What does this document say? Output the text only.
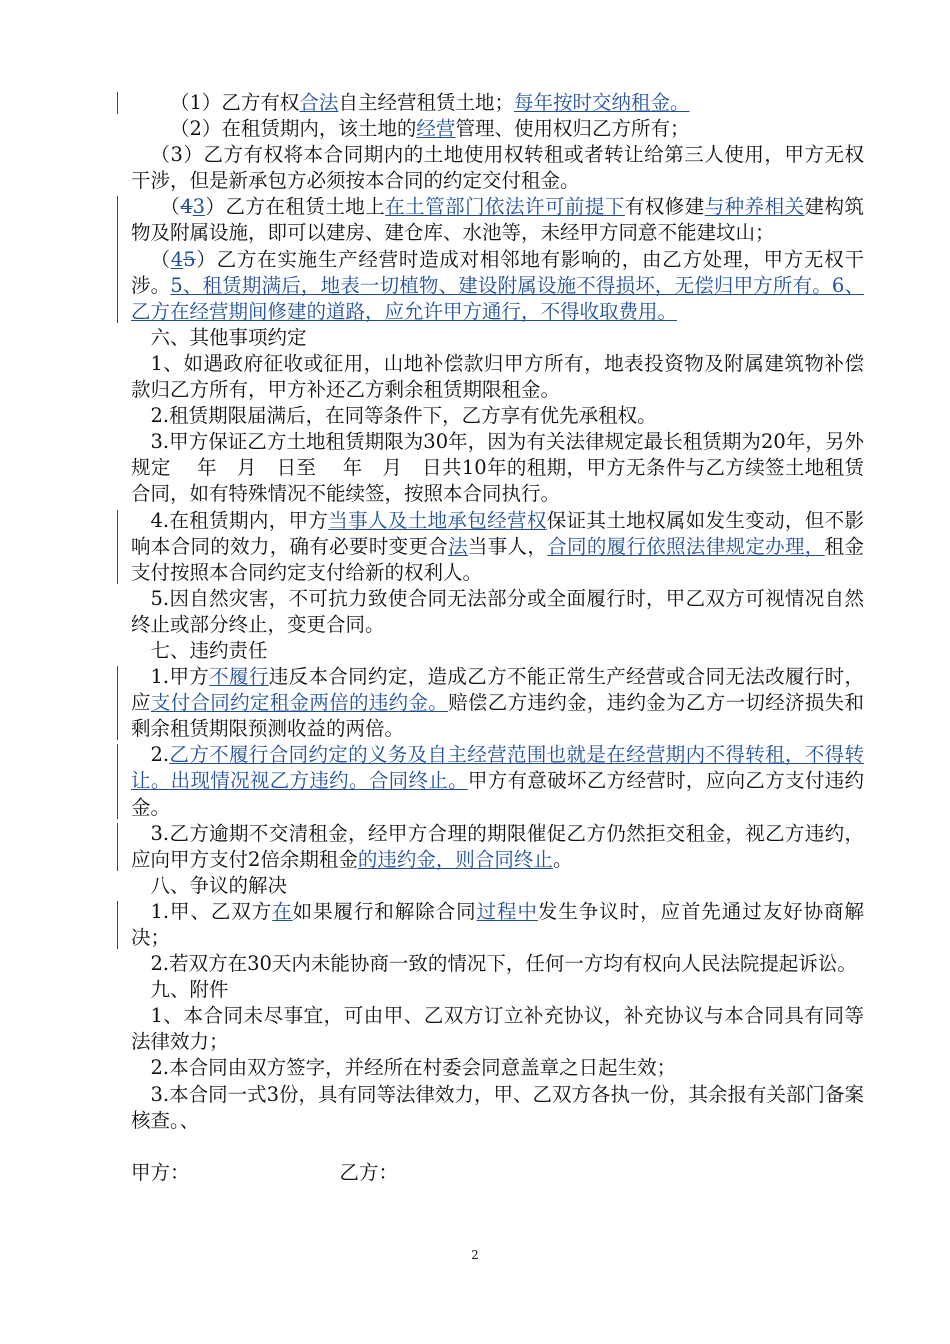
（1）乙方有权合法自主经营租赁土地；每年按时交纳租金。

（2）在租赁期内，该土地的经营管理、使用权归乙方所有；

（3）乙方有权将本合同期内的土地使用权转租或者转让给第三人使用，甲方无权干涉，但是新承包方必须按本合同的约定交付租金。

（43）乙方在租赁土地上在土管部门依法许可前提下有权修建与种养相关建构筑物及附属设施，即可以建房、建仓库、水池等，未经甲方同意不能建坟山；

（45）乙方在实施生产经营时造成对相邻地有影响的，由乙方处理，甲方无权干涉。5、租赁期满后，地表一切植物、建设附属设施不得损坏，无偿归甲方所有。6、乙方在经营期间修建的道路，应允许甲方通行，不得收取费用。

六、其他事项约定

1、如遇政府征收或征用，山地补偿款归甲方所有，地表投资物及附属建筑物补偿款归乙方所有，甲方补还乙方剩余租赁期限租金。

2.租赁期限届满后，在同等条件下，乙方享有优先承租权。

3.甲方保证乙方土地租赁期限为30年，因为有关法律规定最长租赁期为20年，另外规定　 年　月　日至　 年　月　日共10年的租期，甲方无条件与乙方续签土地租赁合同，如有特殊情况不能续签，按照本合同执行。

4.在租赁期内，甲方当事人及土地承包经营权保证其土地权属如发生变动，但不影响本合同的效力，确有必要时变更合法当事人，合同的履行依照法律规定办理，租金支付按照本合同约定支付给新的权利人。

5.因自然灾害，不可抗力致使合同无法部分或全面履行时，甲乙双方可视情况自然终止或部分终止，变更合同。

七、违约责任

1.甲方不履行违反本合同约定，造成乙方不能正常生产经营或合同无法改履行时，应支付合同约定租金两倍的违约金。赔偿乙方违约金，违约金为乙方一切经济损失和剩余租赁期限预测收益的两倍。

2.乙方不履行合同约定的义务及自主经营范围也就是在经营期内不得转租，不得转让。出现情况视乙方违约。合同终止。甲方有意破坏乙方经营时，应向乙方支付违约金。

3.乙方逾期不交清租金，经甲方合理的期限催促乙方仍然拒交租金，视乙方违约，应向甲方支付2倍余期租金的违约金，则合同终止。

八、争议的解决

1.甲、乙双方在如果履行和解除合同过程中发生争议时，应首先通过友好协商解决；

2.若双方在30天内未能协商一致的情况下，任何一方均有权向人民法院提起诉讼。

九、附件

1、本合同未尽事宜，可由甲、乙双方订立补充协议，补充协议与本合同具有同等法律效力；

2.本合同由双方签字，并经所在村委会同意盖章之日起生效；

3.本合同一式3份，具有同等法律效力，甲、乙双方各执一份，其余报有关部门备案核查。、

甲方：	乙方：

2
